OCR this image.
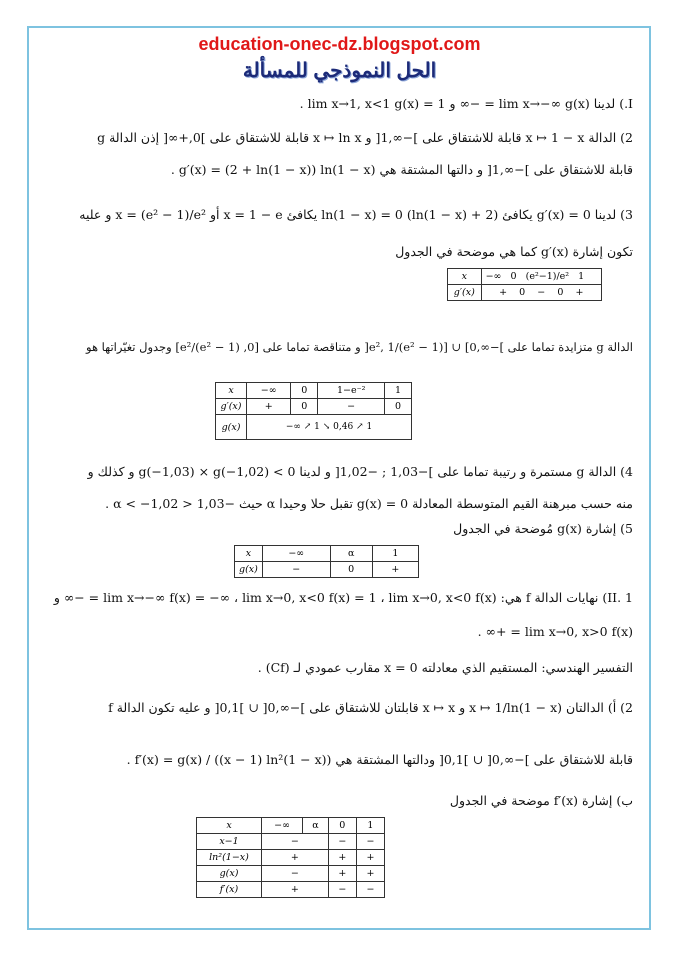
education-onec-dz.blogspot.com
الحل النموذجي للمسألة
I.) لدينا lim x→−∞ g(x) = −∞ و lim x→1, x<1 g(x) = 1 .
2) الدالة x ↦ 1 − x قابلة للاشتقاق على ]−∞,1[ و x ↦ ln x قابلة للاشتقاق على ]0,+∞[ إذن الدالة g
قابلة للاشتقاق على ]−∞,1[ و دالتها المشتقة هي g′(x) = (2 + ln(1 − x)) ln(1 − x) .
3) لدينا g′(x) = 0 يكافئ (2 + ln(1 − x)) ln(1 − x) = 0 يكافئ x = 1 − e أو x = (e² − 1)/e² و عليه
تكون إشارة g′(x) كما هي موضحة في الجدول
x	−∞ 0 (e²−1)/e² 1
g′(x)	+ 0 − 0 +
الدالة g متزايدة تماما على ]−∞,0] ∪ [(e² − 1)/e², 1[ و متناقصة تماما على [0, (e² − 1)/e²] وجدول تغيّراتها هو
x	−∞	0	1−e⁻²	1
g′(x)	+	0	−	0
g(x)	−∞ ↗ 1 ↘ 0,46 ↗ 1			
4) الدالة g مستمرة و رتيبة تماما على ]−1,03 ; −1,02[ و لدينا g(−1,03) × g(−1,02) < 0 و كذلك و
منه حسب مبرهنة القيم المتوسطة المعادلة g(x) = 0 تقبل حلا وحيدا α حيث −1,03 < α < −1,02 .
5) إشارة g(x) مُوضحة في الجدول
x	−∞	α	1
g(x)	−	0	+
II. 1) نهايات الدالة f هي: lim x→−∞ f(x) = −∞ ، lim x→0, x<0 f(x) = 1 ، lim x→0, x<0 f(x) = −∞ و
lim x→0, x>0 f(x) = +∞ .
التفسير الهندسي: المستقيم الذي معادلته x = 0 مقارب عمودي لـ (Cf) .
2) أ) الدالتان x ↦ 1/ln(1 − x) و x ↦ x قابلتان للاشتقاق على ]−∞,0[ ∪ ]0,1[ و عليه تكون الدالة f
قابلة للاشتقاق على ]−∞,0[ ∪ ]0,1[ ودالتها المشتقة هي f′(x) = g(x) / ((x − 1) ln²(1 − x)) .
ب) إشارة f′(x) موضحة في الجدول
x	−∞	α	0	1
x−1	−		−	−
ln²(1−x)	+		+	+
g(x)	−		+	+
f′(x)	+		−	−
